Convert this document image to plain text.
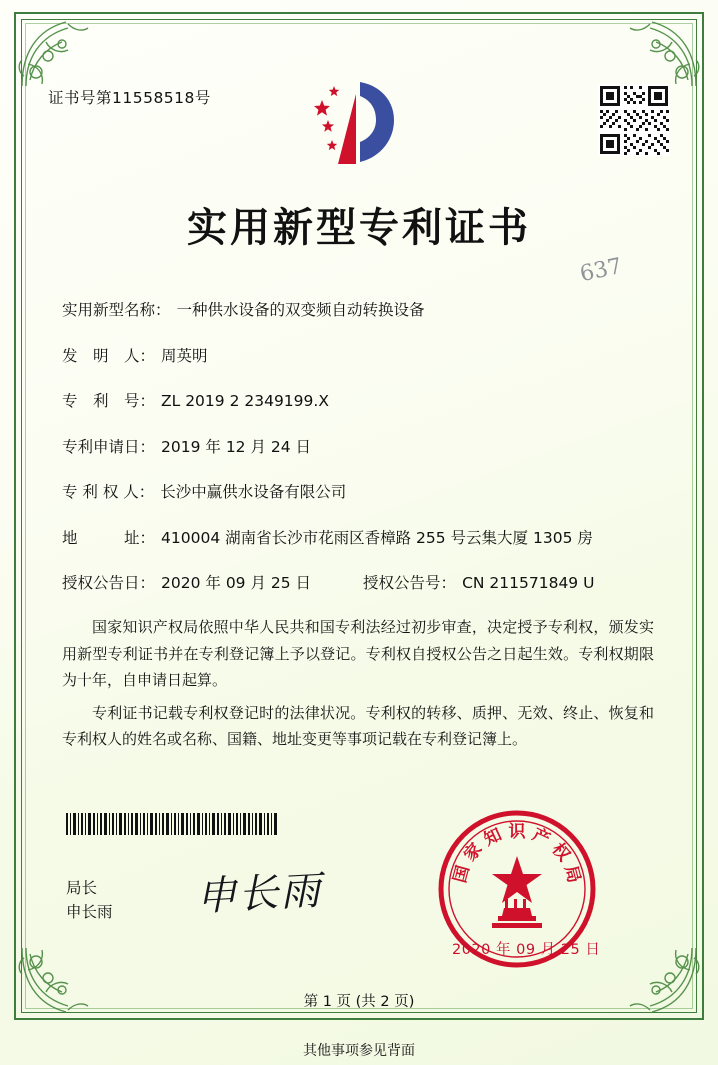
证书号第11558518号
实用新型专利证书
637
实用新型名称： 一种供水设备的双变频自动转换设备
发　明　人： 周英明
专　利　号： ZL 2019 2 2349199.X
专利申请日： 2019 年 12 月 24 日
专 利 权 人： 长沙中赢供水设备有限公司
地　　　址： 410004 湖南省长沙市花雨区香樟路 255 号云集大厦 1305 房
授权公告日： 2020 年 09 月 25 日	授权公告号： CN 211571849 U

国家知识产权局依照中华人民共和国专利法经过初步审查，决定授予专利权，颁发实用新型专利证书并在专利登记簿上予以登记。专利权自授权公告之日起生效。专利权期限为十年，自申请日起算。

专利证书记载专利权登记时的法律状况。专利权的转移、质押、无效、终止、恢复和专利权人的姓名或名称、国籍、地址变更等事项记载在专利登记簿上。

局长
申长雨 申长雨	国
家
知 识 产
权
局
2020 年 09 月 25 日
第 1 页 (共 2 页)
其他事项参见背面
